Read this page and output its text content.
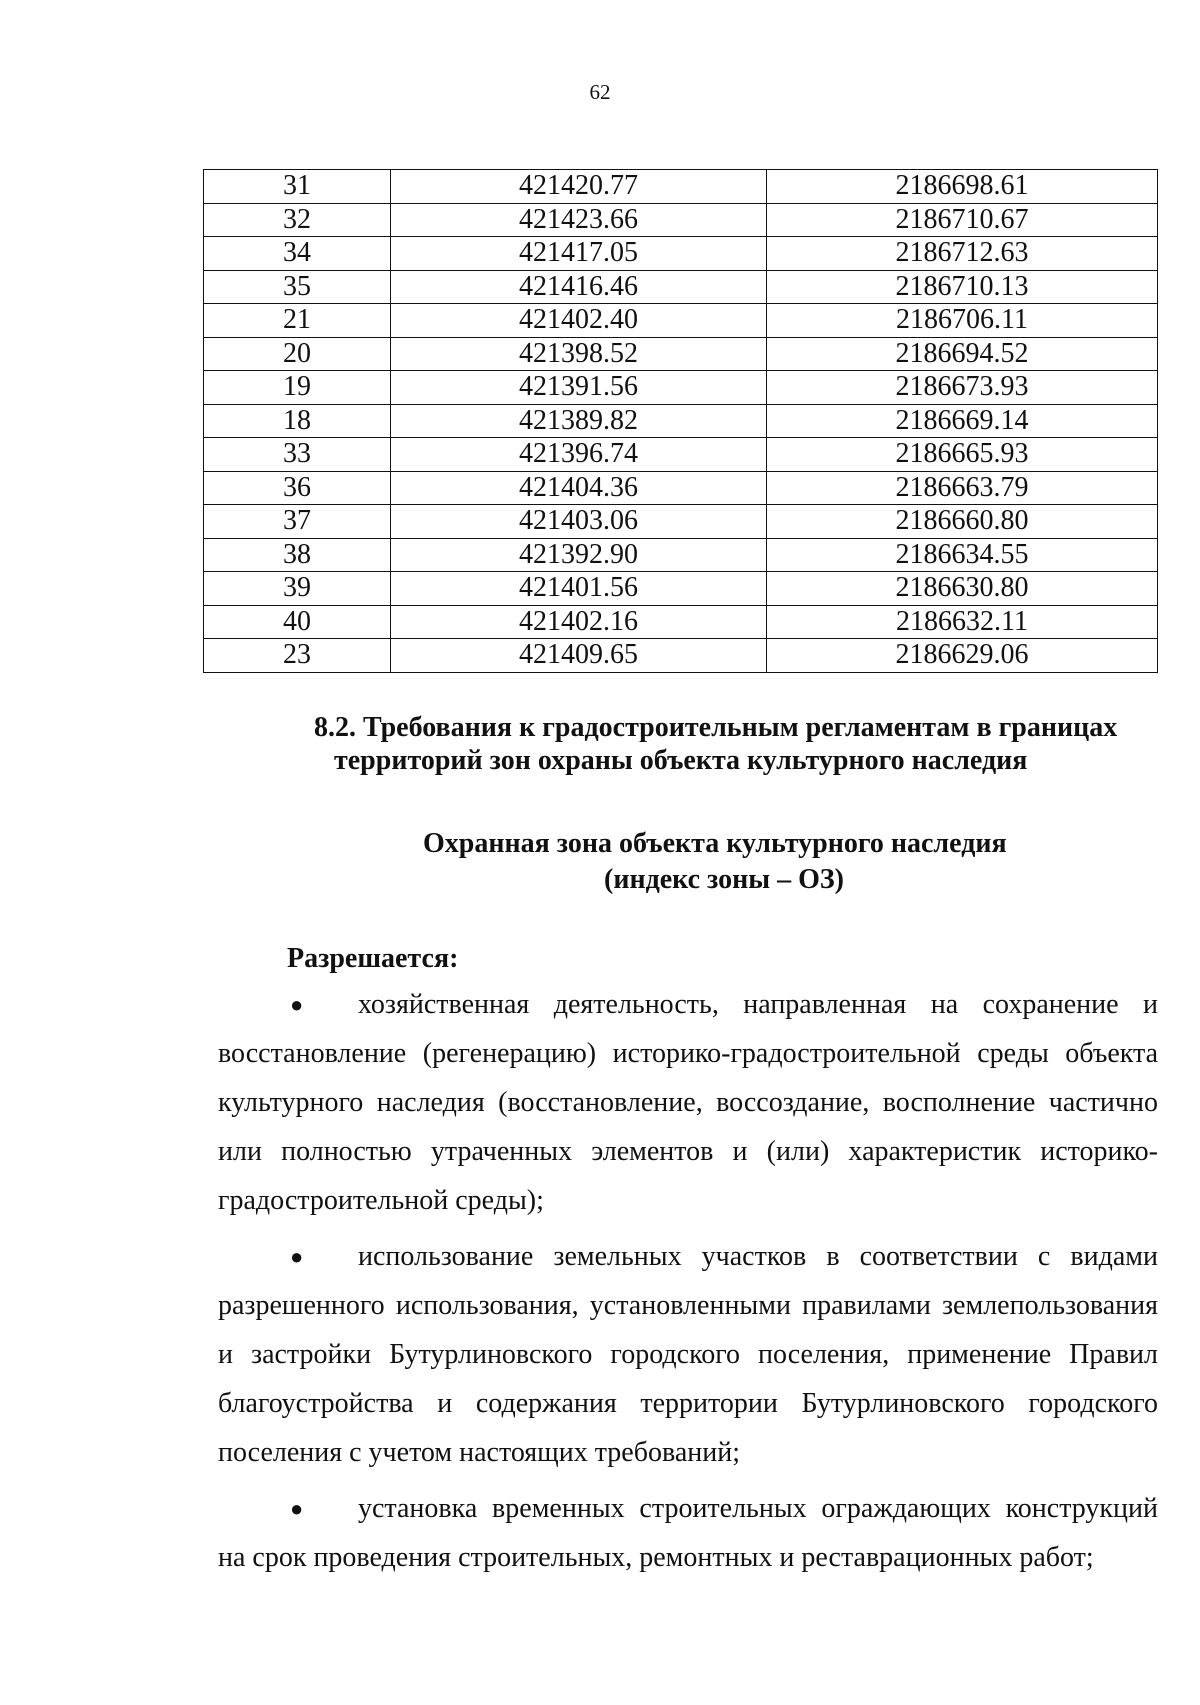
62
31	421420.77	2186698.61
32	421423.66	2186710.67
34	421417.05	2186712.63
35	421416.46	2186710.13
21	421402.40	2186706.11
20	421398.52	2186694.52
19	421391.56	2186673.93
18	421389.82	2186669.14
33	421396.74	2186665.93
36	421404.36	2186663.79
37	421403.06	2186660.80
38	421392.90	2186634.55
39	421401.56	2186630.80
40	421402.16	2186632.11
23	421409.65	2186629.06
8.2. Требования к градостроительным регламентам в границах
территорий зон охраны объекта культурного наследия
Охранная зона объекта культурного наследия
(индекс зоны – ОЗ)
Разрешается:

● хозяйственная деятельность, направленная на сохранение и восстановление (регенерацию) историко-градостроительной среды объекта культурного наследия (восстановление, воссоздание, восполнение частично или полностью утраченных элементов и (или) характеристик историко-градостроительной среды);

● использование земельных участков в соответствии с видами разрешенного использования, установленными правилами землепользования и застройки Бутурлиновского городского поселения, применение Правил благоустройства и содержания территории Бутурлиновского городского поселения с учетом настоящих требований;

● установка временных строительных ограждающих конструкций на срок проведения строительных, ремонтных и реставрационных работ;
